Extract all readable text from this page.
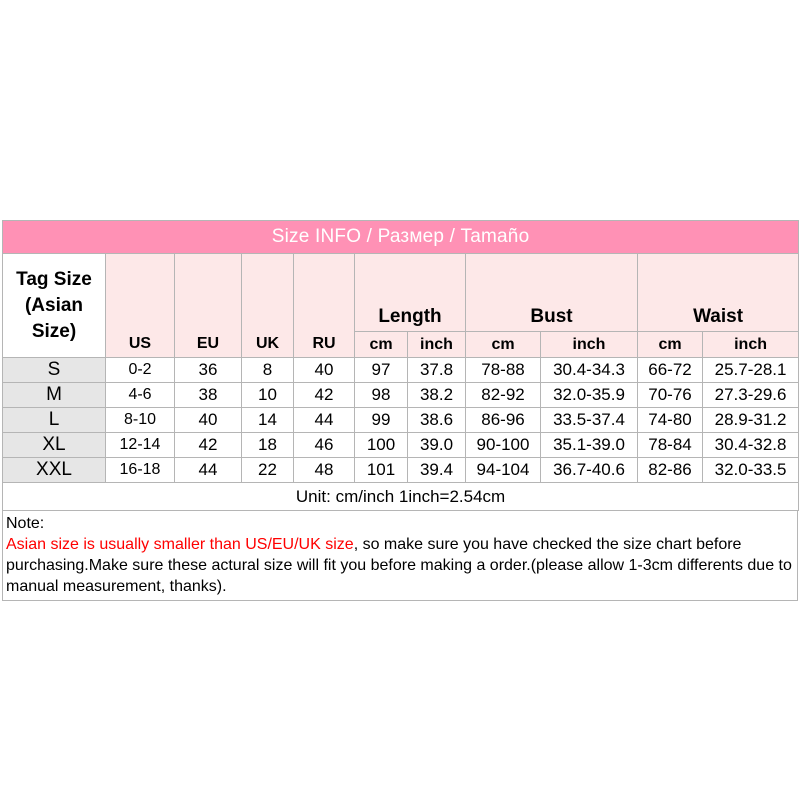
Size INFO / Размер / Tamaño										
Tag Size
(Asian
Size)	US	EU	UK	RU	Length		Bust		Waist	
					cm	inch	cm	inch	cm	inch
S	0-2	36	8	40	97	37.8	78-88	30.4-34.3	66-72	25.7-28.1
M	4-6	38	10	42	98	38.2	82-92	32.0-35.9	70-76	27.3-29.6
L	8-10	40	14	44	99	38.6	86-96	33.5-37.4	74-80	28.9-31.2
XL	12-14	42	18	46	100	39.0	90-100	35.1-39.0	78-84	30.4-32.8
XXL	16-18	44	22	48	101	39.4	94-104	36.7-40.6	82-86	32.0-33.5
Unit: cm/inch 1inch=2.54cm										
Note:
Asian size is usually smaller than US/EU/UK size, so make sure you have checked the size chart before purchasing.Make sure these actural size will fit you before making a order.(please allow 1-3cm differents due to manual measurement, thanks).
